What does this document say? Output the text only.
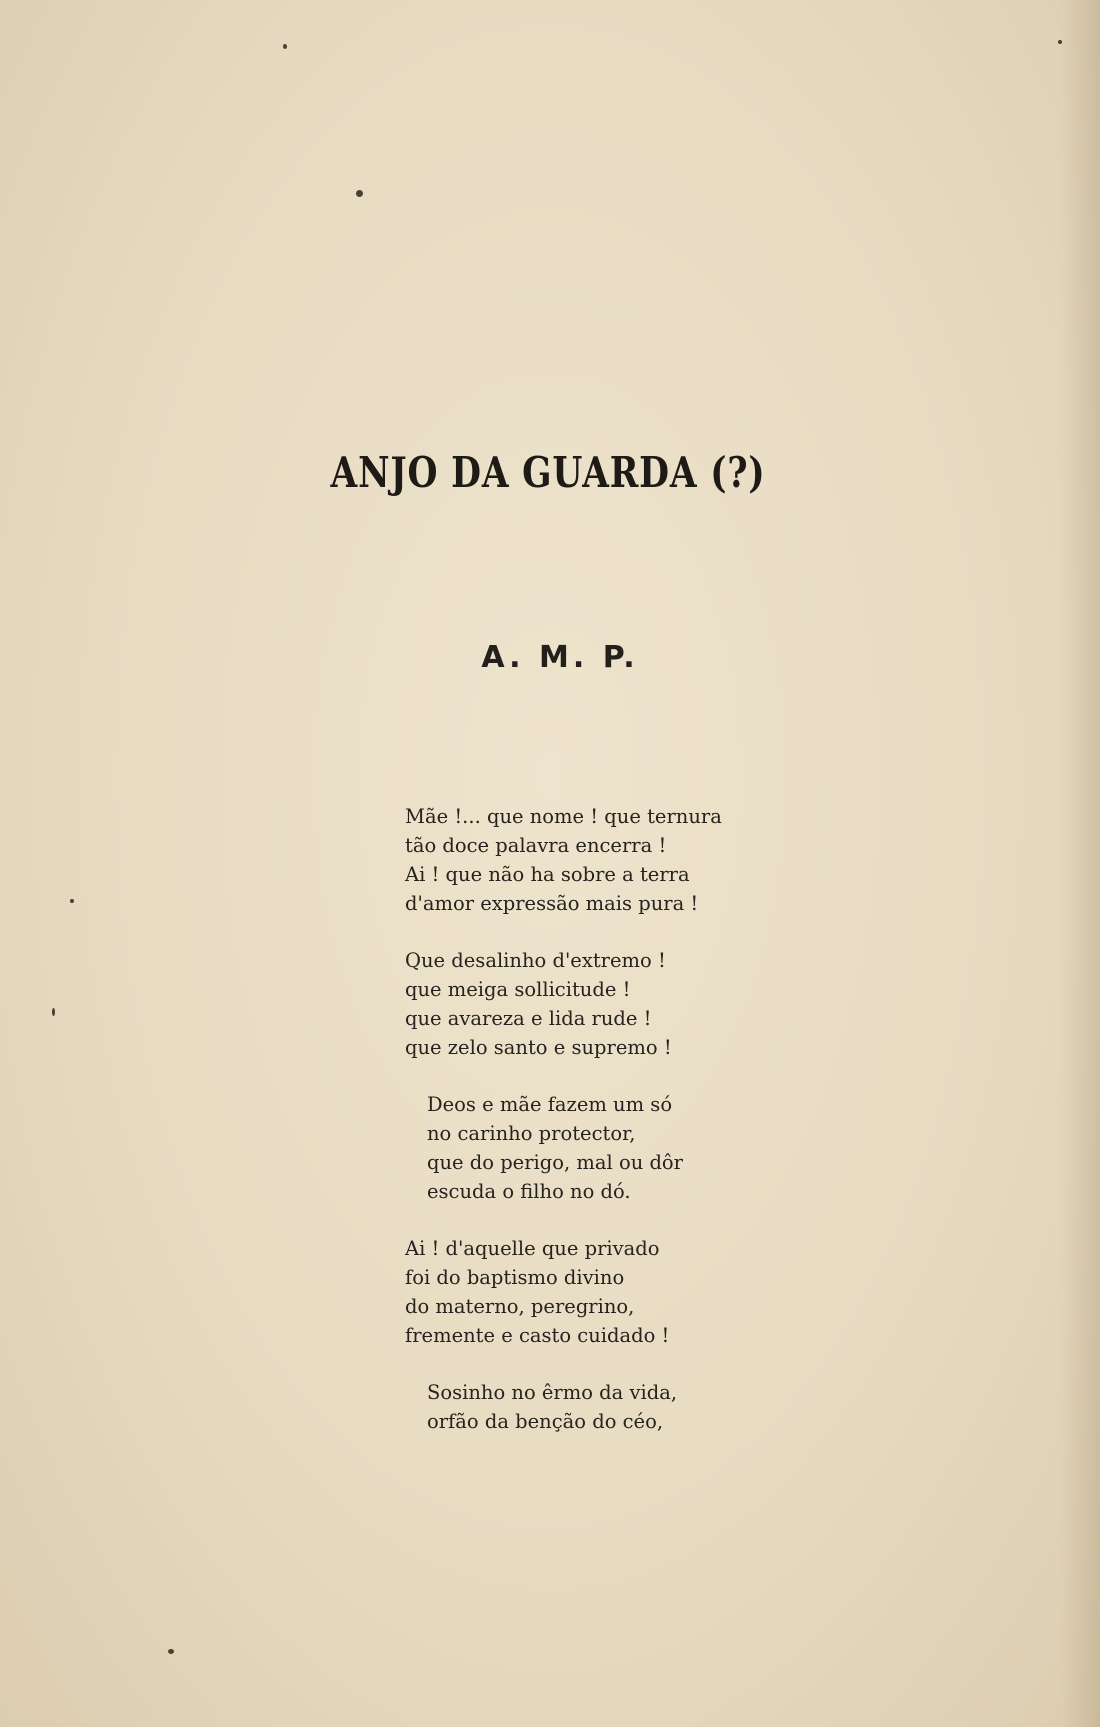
ANJO DA GUARDA (?)
A. M. P.
Mãe !... que nome ! que ternura
tão doce palavra encerra !
Ai ! que não ha sobre a terra
d'amor expressão mais pura !
Que desalinho d'extremo !
que meiga sollicitude !
que avareza e lida rude !
que zelo santo e supremo !
Deos e mãe fazem um só
no carinho protector,
que do perigo, mal ou dôr
escuda o filho no dó.
Ai ! d'aquelle que privado
foi do baptismo divino
do materno, peregrino,
fremente e casto cuidado !
Sosinho no êrmo da vida,
orfão da benção do céo,
